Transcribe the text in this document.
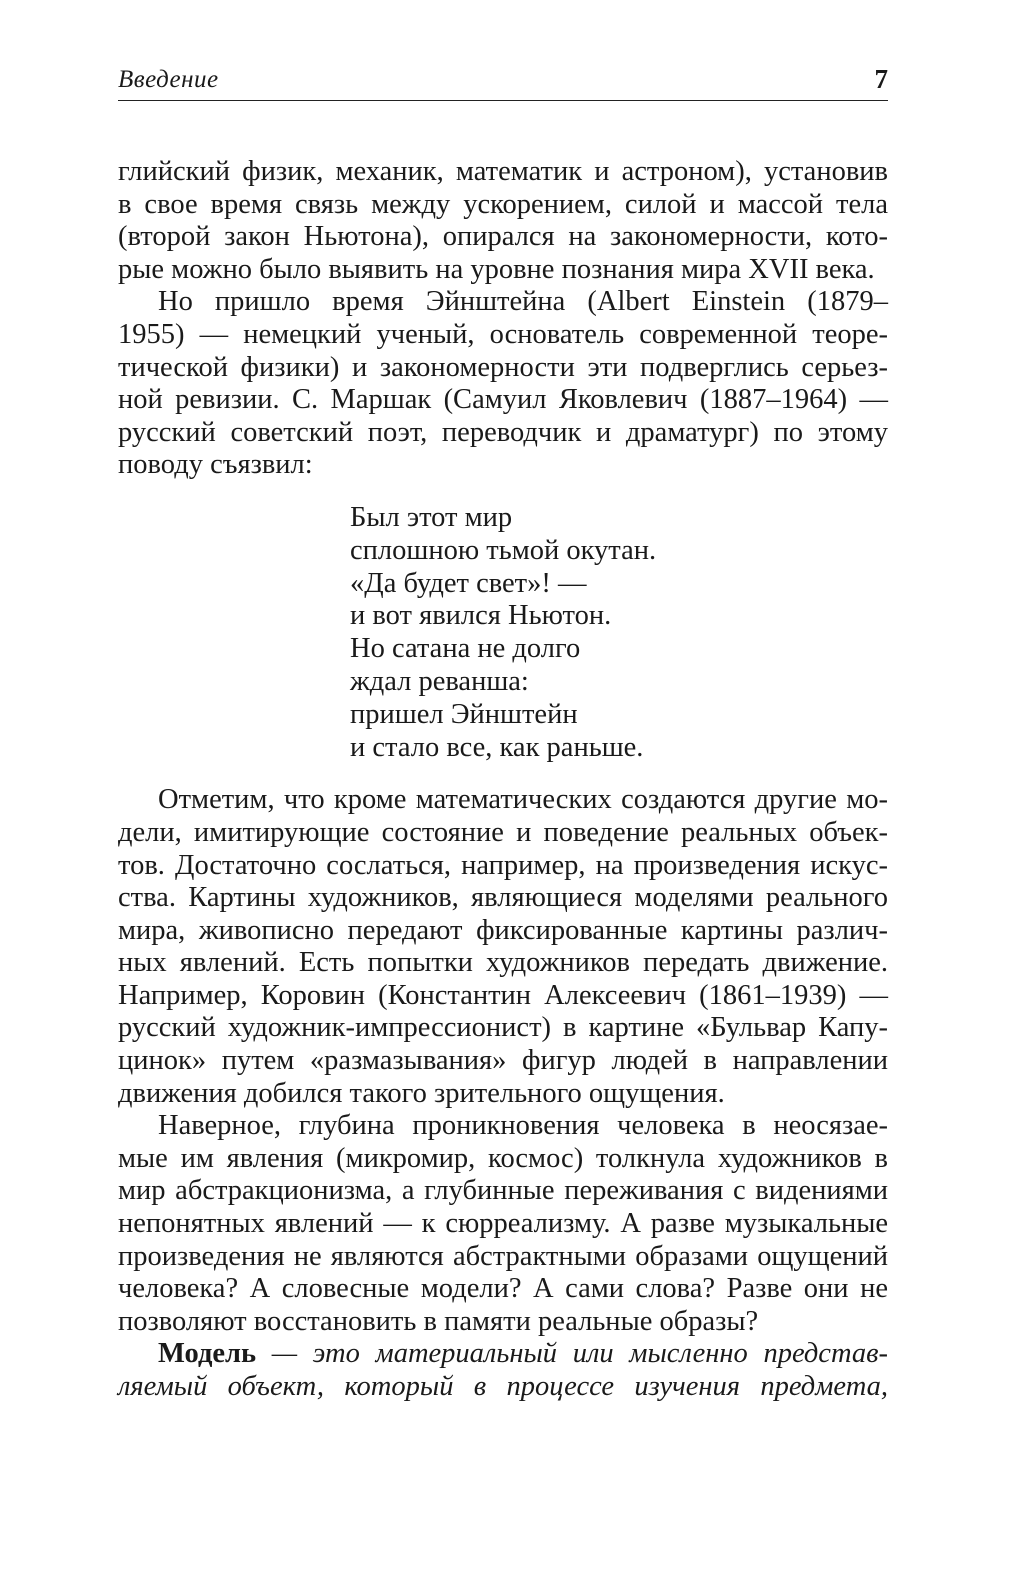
Введение	7

глийский физик, механик, математик и астроном), установив
в свое время связь между ускорением, силой и массой тела
(второй закон Ньютона), опирался на закономерности, кото-
рые можно было выявить на уровне познания мира XVII века.

Но пришло время Эйнштейна (Albert Einstein (1879–
1955) — немецкий ученый, основатель современной теоре-
тической физики) и закономерности эти подверглись серьез-
ной ревизии. С. Маршак (Самуил Яковлевич (1887–1964) —
русский советский поэт, переводчик и драматург) по этому
поводу съязвил:

Был этот мир
сплошною тьмой окутан.
«Да будет свет»! —
и вот явился Ньютон.
Но сатана не долго
ждал реванша:
пришел Эйнштейн
и стало все, как раньше.

Отметим, что кроме математических создаются другие мо-
дели, имитирующие состояние и поведение реальных объек-
тов. Достаточно сослаться, например, на произведения искус-
ства. Картины художников, являющиеся моделями реального
мира, живописно передают фиксированные картины различ-
ных явлений. Есть попытки художников передать движение.
Например, Коровин (Константин Алексеевич (1861–1939) —
русский художник-импрессионист) в картине «Бульвар Капу-
цинок» путем «размазывания» фигур людей в направлении
движения добился такого зрительного ощущения.

Наверное, глубина проникновения человека в неосязае-
мые им явления (микромир, космос) толкнула художников в
мир абстракционизма, а глубинные переживания с видениями
непонятных явлений — к сюрреализму. А разве музыкальные
произведения не являются абстрактными образами ощущений
человека? А словесные модели? А сами слова? Разве они не
позволяют восстановить в памяти реальные образы?

Модель — это материальный или мысленно представ-
ляемый объект, который в процессе изучения предмета,
